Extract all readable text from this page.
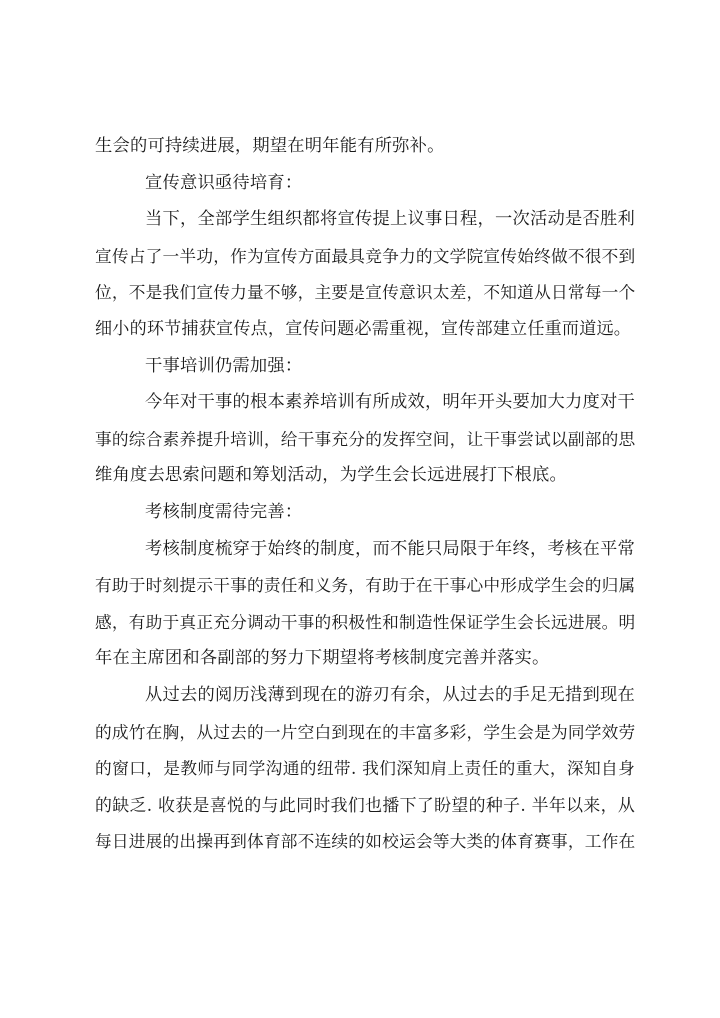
生会的可持续进展，期望在明年能有所弥补。
宣传意识亟待培育：
当下，全部学生组织都将宣传提上议事日程，一次活动是否胜利
宣传占了一半功，作为宣传方面最具竞争力的文学院宣传始终做不很不到
位，不是我们宣传力量不够，主要是宣传意识太差，不知道从日常每一个
细小的环节捕获宣传点，宣传问题必需重视，宣传部建立任重而道远。
干事培训仍需加强：
今年对干事的根本素养培训有所成效，明年开头要加大力度对干
事的综合素养提升培训，给干事充分的发挥空间，让干事尝试以副部的思
维角度去思索问题和筹划活动，为学生会长远进展打下根底。
考核制度需待完善：
考核制度梳穿于始终的制度，而不能只局限于年终，考核在平常
有助于时刻提示干事的责任和义务，有助于在干事心中形成学生会的归属
感，有助于真正充分调动干事的积极性和制造性保证学生会长远进展。明
年在主席团和各副部的努力下期望将考核制度完善并落实。
从过去的阅历浅薄到现在的游刃有余，从过去的手足无措到现在
的成竹在胸，从过去的一片空白到现在的丰富多彩，学生会是为同学效劳
的窗口，是教师与同学沟通的纽带. 我们深知肩上责任的重大，深知自身
的缺乏. 收获是喜悦的与此同时我们也播下了盼望的种子. 半年以来，从
每日进展的出操再到体育部不连续的如校运会等大类的体育赛事，工作在
